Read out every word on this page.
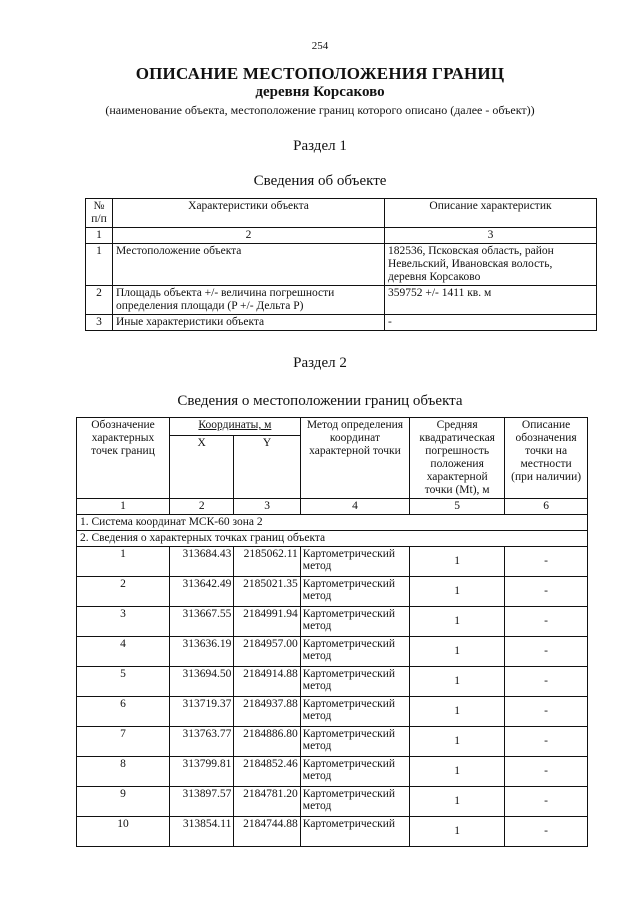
254
ОПИСАНИЕ МЕСТОПОЛОЖЕНИЯ ГРАНИЦ
деревня Корсаково
(наименование объекта, местоположение границ которого описано (далее - объект))
Раздел 1
Сведения об объекте
№ п/п	Характеристики объекта	Описание характеристик
1	2	3
1	Местоположение объекта	182536, Псковская область, район Невельский, Ивановская волость, деревня Корсаково
2	Площадь объекта +/- величина погрешности определения площади (P +/- Дельта P)	359752 +/- 1411 кв. м
3	Иные характеристики объекта	-
Раздел 2
Сведения о местоположении границ объекта
Обозначение характерных точек границ	Координаты, м		Метод определения координат характерной точки	Средняя квадратическая погрешность положения характерной точки (Mt), м	Описание обозначения точки на местности (при наличии)
	X	Y			
1	2	3	4	5	6
1. Система координат МСК-60 зона 2					
2. Сведения о характерных точках границ объекта					
1	313684.43	2185062.11	Картометрический метод	1	-
2	313642.49	2185021.35	Картометрический метод	1	-
3	313667.55	2184991.94	Картометрический метод	1	-
4	313636.19	2184957.00	Картометрический метод	1	-
5	313694.50	2184914.88	Картометрический метод	1	-
6	313719.37	2184937.88	Картометрический метод	1	-
7	313763.77	2184886.80	Картометрический метод	1	-
8	313799.81	2184852.46	Картометрический метод	1	-
9	313897.57	2184781.20	Картометрический метод	1	-
10	313854.11	2184744.88	Картометрический	1	-
